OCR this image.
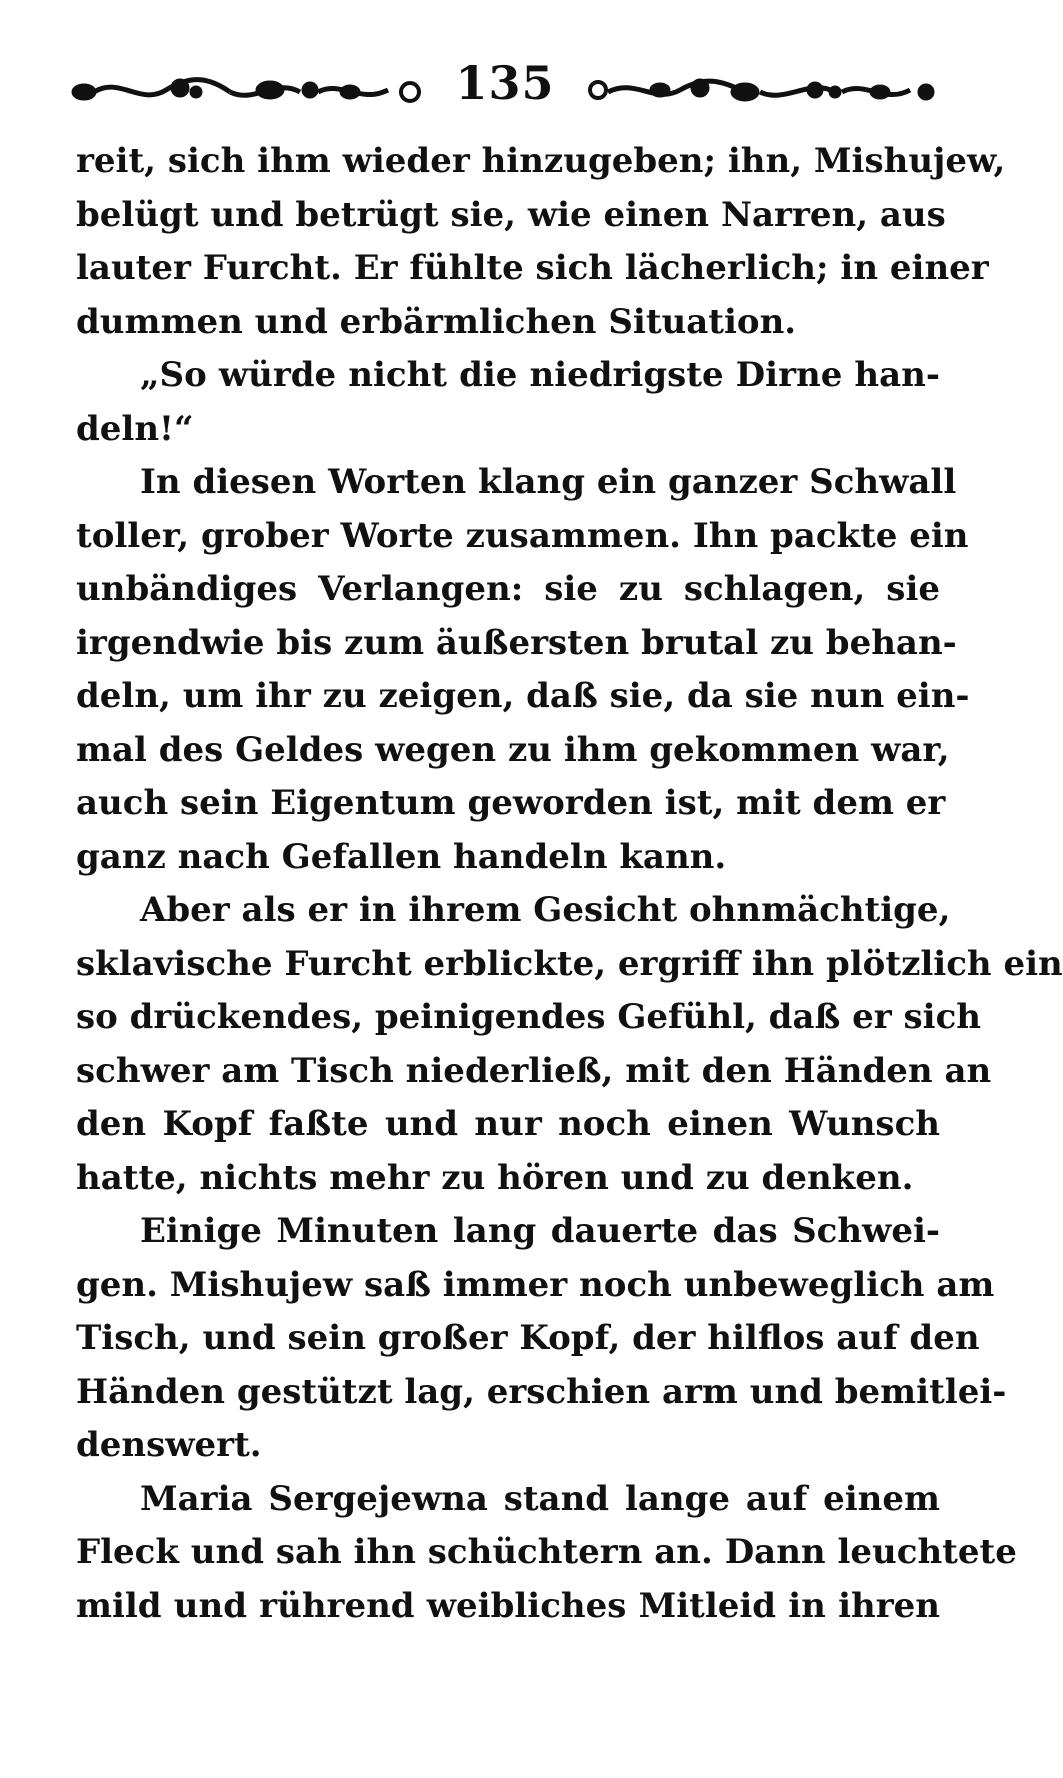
135

reit, sich ihm wieder hinzugeben; ihn, Mishujew,
belügt und betrügt sie, wie einen Narren, aus
lauter Furcht. Er fühlte sich lächerlich; in einer
dummen und erbärmlichen Situation.

„So würde nicht die niedrigste Dirne han-
deln!“

In diesen Worten klang ein ganzer Schwall
toller, grober Worte zusammen. Ihn packte ein
unbändiges Verlangen: sie zu schlagen, sie
irgendwie bis zum äußersten brutal zu behan-
deln, um ihr zu zeigen, daß sie, da sie nun ein-
mal des Geldes wegen zu ihm gekommen war,
auch sein Eigentum geworden ist, mit dem er
ganz nach Gefallen handeln kann.

Aber als er in ihrem Gesicht ohnmächtige,
sklavische Furcht erblickte, ergriff ihn plötzlich ein
so drückendes, peinigendes Gefühl, daß er sich
schwer am Tisch niederließ, mit den Händen an
den Kopf faßte und nur noch einen Wunsch
hatte, nichts mehr zu hören und zu denken.

Einige Minuten lang dauerte das Schwei-
gen. Mishujew saß immer noch unbeweglich am
Tisch, und sein großer Kopf, der hilflos auf den
Händen gestützt lag, erschien arm und bemitlei-
denswert.

Maria Sergejewna stand lange auf einem
Fleck und sah ihn schüchtern an. Dann leuchtete
mild und rührend weibliches Mitleid in ihren
